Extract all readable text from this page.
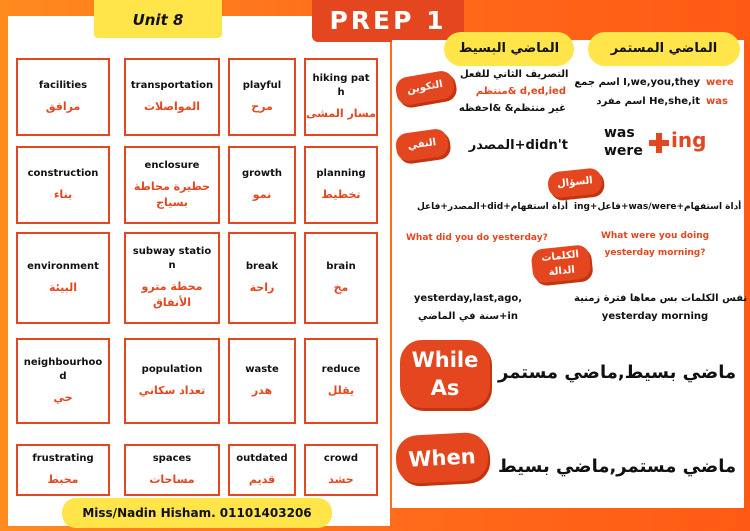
Unit 8
facilities
مرافق
transportation
المواصلات
playful
مرح
hiking path
مسار المشى
construction
بناء
enclosure
حظيرة محاطة بسياج
growth
نمو
planning
تخطيط
environment
البيئة
subway station
محطة مترو الأنفاق
break
راحة
brain
مخ
neighbourhood
حي
population
تعداد سكاني
waste
هدر
reduce
يقلل
frustrating
محبط
spaces
مساحات
outdated
قديم
crowd
حشد
Miss/Nadin Hisham. 01101403206
PREP 1
الماضي البسيط	الماضي المستمر
التكوين
التصريف الثاني للفعل
منتظم& d,ed,ied
غير منتظم& &احفظه
اسم جمع I,we,you,they
اسم مفرد He,she,it
were
was
النفي	المصدر+didn't
was were ing
السؤال
المصدر+فاعل+did+أداة استفهام ing+فاعل+was/were+أداة استفهام
What did you do yesterday?	What were you doing yesterday morning?
الكلمات الدالة
yesterday,last,ago,
سنة في الماضي+in
نفس الكلمات بس معاها فترة زمنية
yesterday morning
While As
ماضي بسيط,ماضي مستمر
When	ماضي مستمر,ماضي بسيط
